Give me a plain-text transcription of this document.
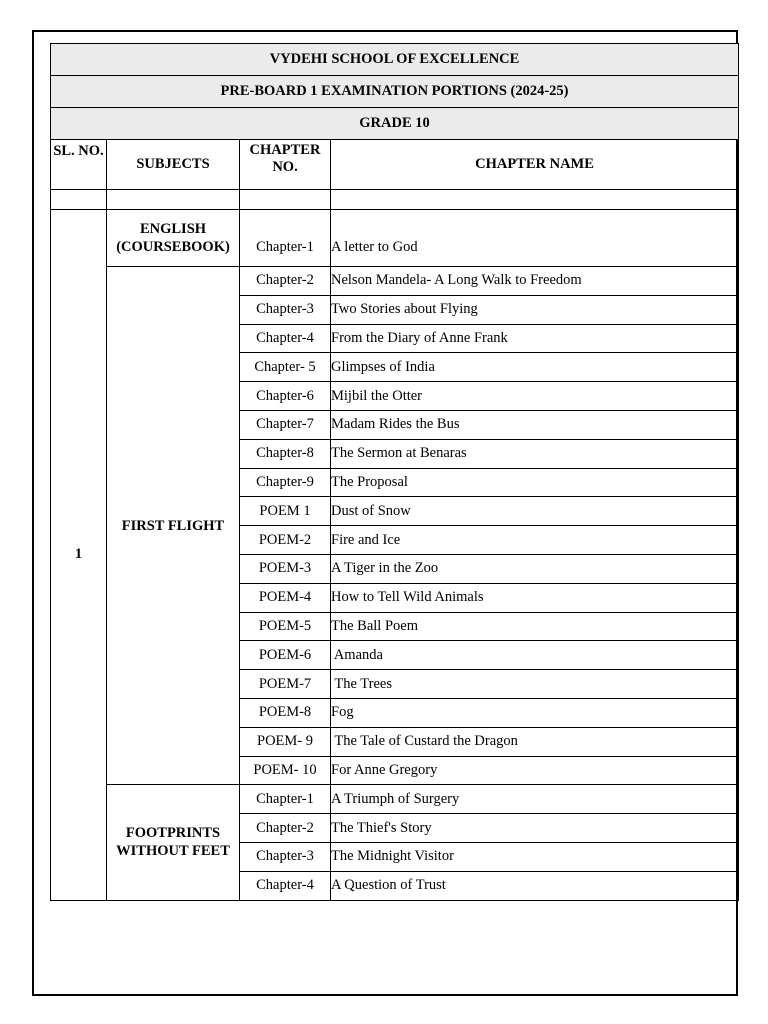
VYDEHI SCHOOL OF EXCELLENCE			
PRE-BOARD 1 EXAMINATION PORTIONS (2024-25)			
GRADE 10			
SL. NO.	SUBJECTS	CHAPTER NO.	CHAPTER NAME

1	ENGLISH (COURSEBOOK)	Chapter-1	A letter to God
	FIRST FLIGHT	Chapter-2	Nelson Mandela- A Long Walk to Freedom
		Chapter-3	Two Stories about Flying
		Chapter-4	From the Diary of Anne Frank
		Chapter- 5	Glimpses of India
		Chapter-6	Mijbil the Otter
		Chapter-7	Madam Rides the Bus
		Chapter-8	The Sermon at Benaras
		Chapter-9	The Proposal
		POEM 1	Dust of Snow
		POEM-2	Fire and Ice
		POEM-3	A Tiger in the Zoo
		POEM-4	How to Tell Wild Animals
		POEM-5	The Ball Poem
		POEM-6	Amanda
		POEM-7	The Trees
		POEM-8	Fog
		POEM- 9	The Tale of Custard the Dragon
		POEM- 10	For Anne Gregory
	FOOTPRINTS WITHOUT FEET	Chapter-1	A Triumph of Surgery
		Chapter-2	The Thief's Story
		Chapter-3	The Midnight Visitor
		Chapter-4	A Question of Trust
